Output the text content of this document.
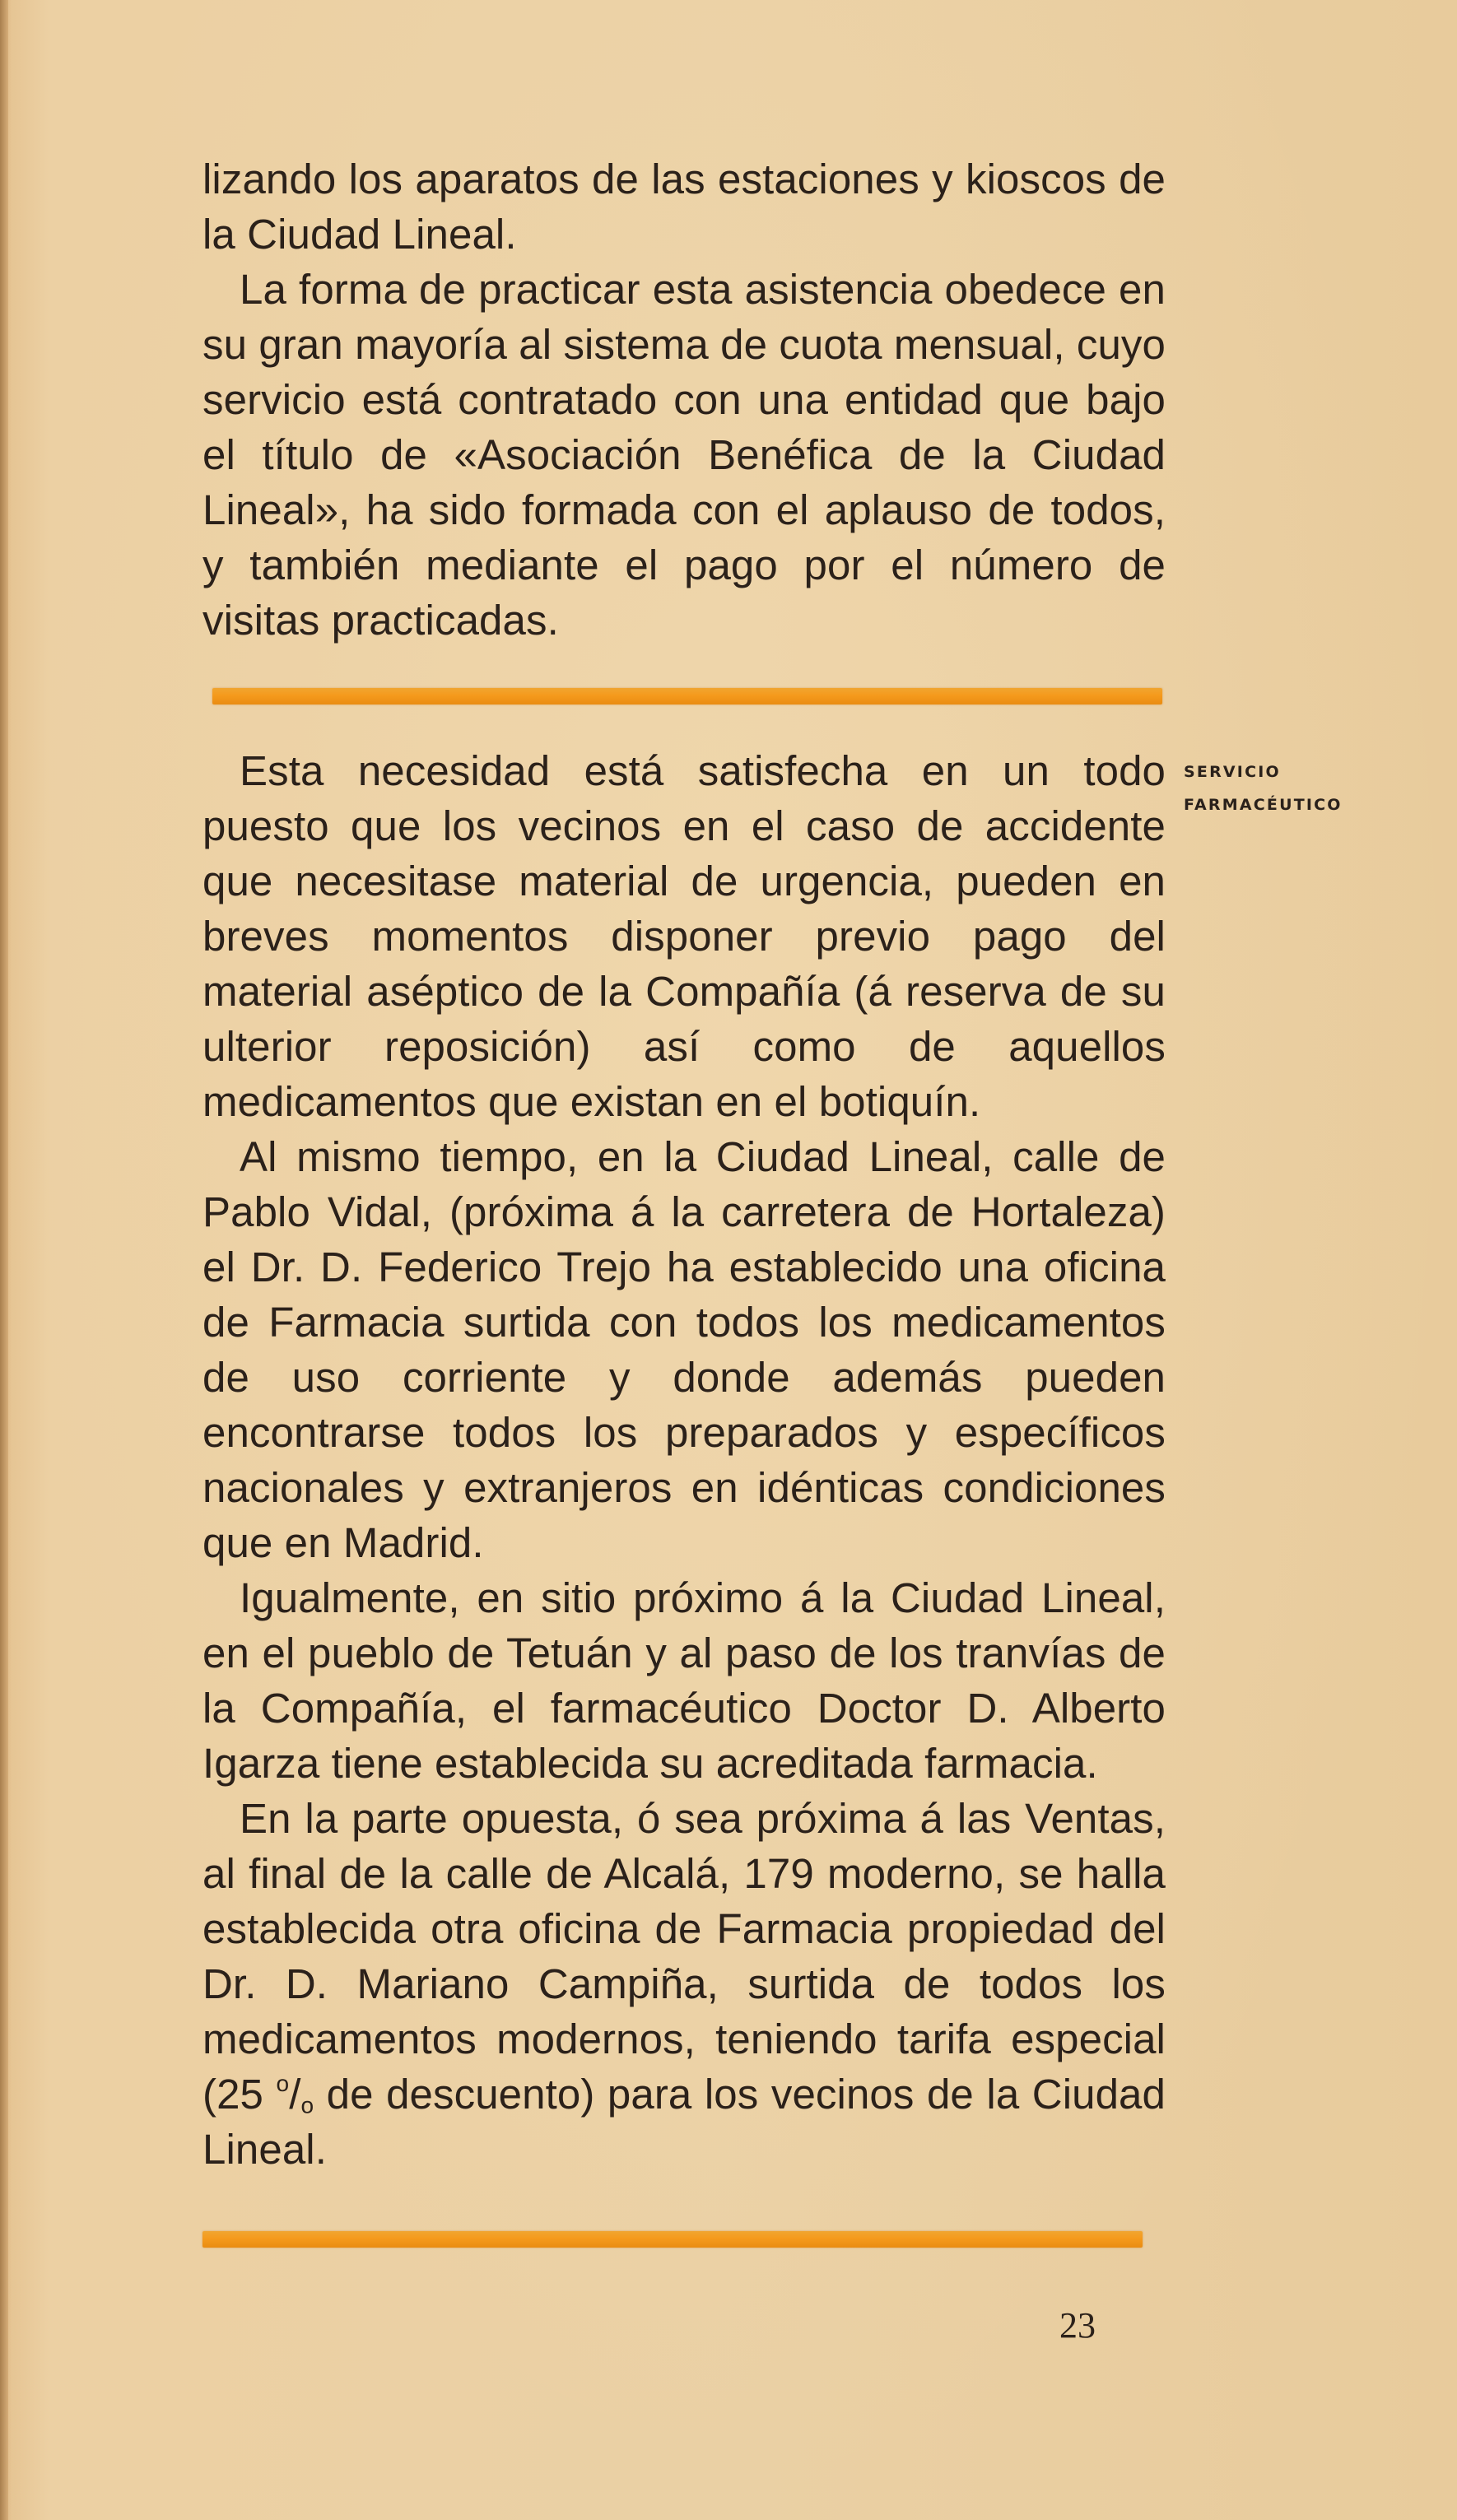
lizando los aparatos de las estaciones y kioscos de la Ciudad Lineal.

La forma de practicar esta asistencia obedece en su gran mayoría al sistema de cuota mensual, cuyo servicio está contratado con una entidad que bajo el título de «Asociación Benéfica de la Ciudad Lineal», ha sido formada con el aplauso de todos, y también mediante el pago por el número de visitas practicadas.

SERVICIO
FARMACÉUTICO

Esta necesidad está satisfecha en un todo puesto que los vecinos en el caso de accidente que necesitase material de urgencia, pueden en breves momentos disponer previo pago del material aséptico de la Compañía (á reserva de su ulterior reposición) así como de aquellos medicamentos que existan en el botiquín.

Al mismo tiempo, en la Ciudad Lineal, calle de Pablo Vidal, (próxima á la carretera de Hortaleza) el Dr. D. Federico Trejo ha establecido una oficina de Farmacia surtida con todos los medicamentos de uso corriente y donde además pueden encontrarse todos los preparados y específicos nacionales y extranjeros en idénticas condiciones que en Madrid.

Igualmente, en sitio próximo á la Ciudad Lineal, en el pueblo de Tetuán y al paso de los tranvías de la Compañía, el farmacéutico Doctor D. Alberto Igarza tiene establecida su acreditada farmacia.

En la parte opuesta, ó sea próxima á las Ventas, al final de la calle de Alcalá, 179 moderno, se halla establecida otra oficina de Farmacia propiedad del Dr. D. Mariano Campiña, surtida de todos los medicamentos modernos, teniendo tarifa especial (25 $^o/_o$ de descuento) para los vecinos de la Ciudad Lineal.

23
